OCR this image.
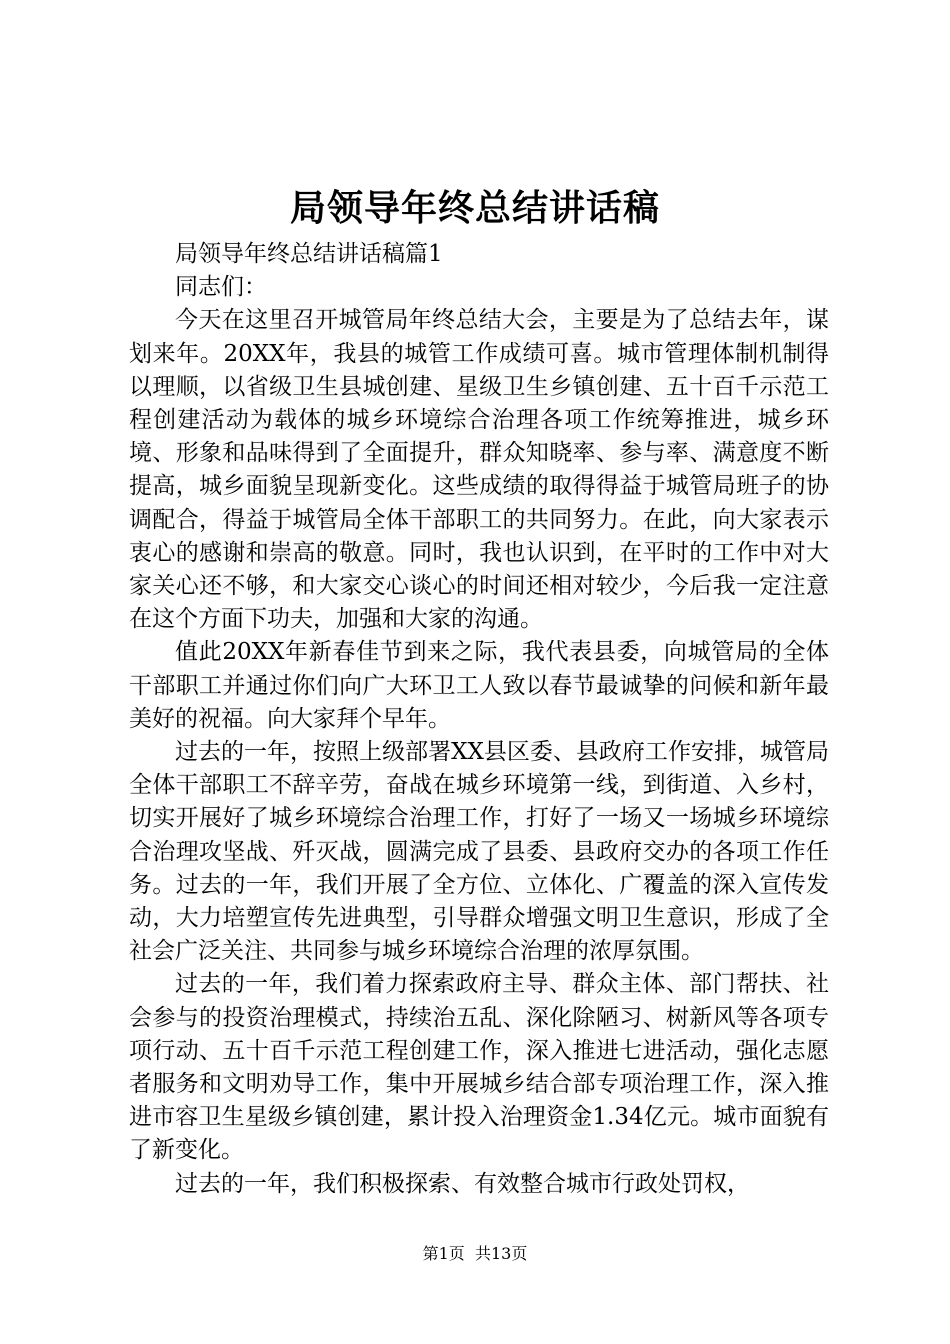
局领导年终总结讲话稿

局领导年终总结讲话稿篇1

同志们：

今天在这里召开城管局年终总结大会，主要是为了总结去年，谋划来年。20XX年，我县的城管工作成绩可喜。城市管理体制机制得以理顺，以省级卫生县城创建、星级卫生乡镇创建、五十百千示范工程创建活动为载体的城乡环境综合治理各项工作统筹推进，城乡环境、形象和品味得到了全面提升，群众知晓率、参与率、满意度不断提高，城乡面貌呈现新变化。这些成绩的取得得益于城管局班子的协调配合，得益于城管局全体干部职工的共同努力。在此，向大家表示衷心的感谢和崇高的敬意。同时，我也认识到，在平时的工作中对大家关心还不够，和大家交心谈心的时间还相对较少，今后我一定注意在这个方面下功夫，加强和大家的沟通。

值此20XX年新春佳节到来之际，我代表县委，向城管局的全体干部职工并通过你们向广大环卫工人致以春节最诚挚的问候和新年最美好的祝福。向大家拜个早年。

过去的一年，按照上级部署XX县区委、县政府工作安排，城管局全体干部职工不辞辛劳，奋战在城乡环境第一线，到街道、入乡村，切实开展好了城乡环境综合治理工作，打好了一场又一场城乡环境综合治理攻坚战、歼灭战，圆满完成了县委、县政府交办的各项工作任务。过去的一年，我们开展了全方位、立体化、广覆盖的深入宣传发动，大力培塑宣传先进典型，引导群众增强文明卫生意识，形成了全社会广泛关注、共同参与城乡环境综合治理的浓厚氛围。

过去的一年，我们着力探索政府主导、群众主体、部门帮扶、社会参与的投资治理模式，持续治五乱、深化除陋习、树新风等各项专项行动、五十百千示范工程创建工作，深入推进七进活动，强化志愿者服务和文明劝导工作，集中开展城乡结合部专项治理工作，深入推进市容卫生星级乡镇创建，累计投入治理资金1.34亿元。城市面貌有了新变化。

过去的一年，我们积极探索、有效整合城市行政处罚权，

第1页 共13页
